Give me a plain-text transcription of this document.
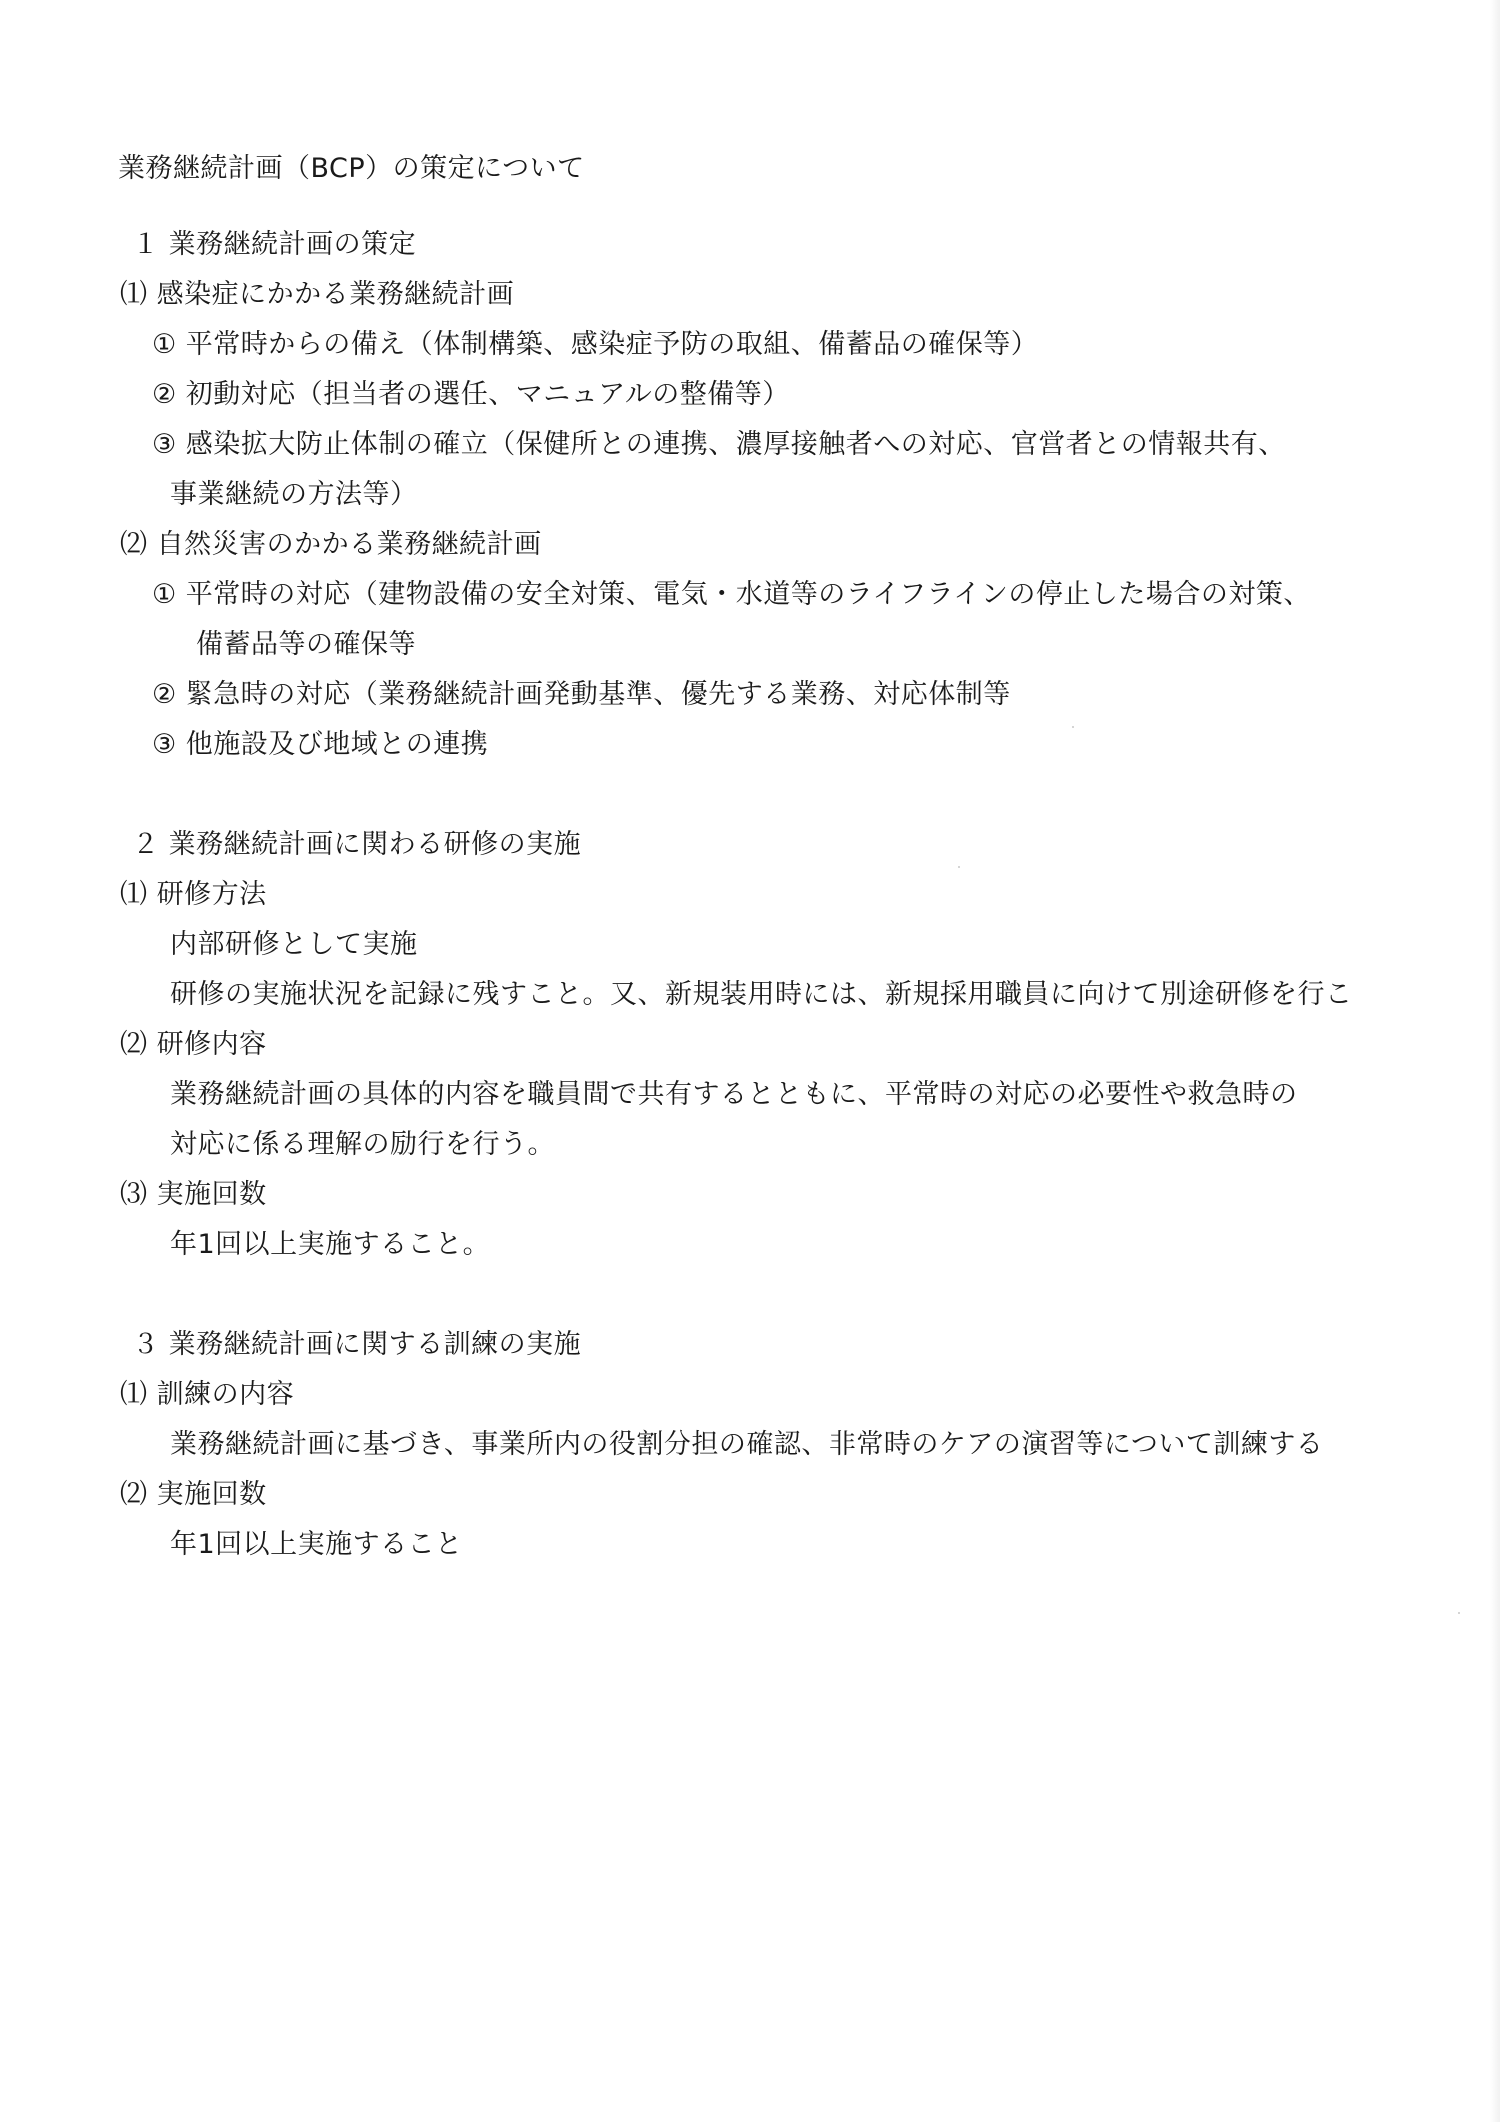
業務継続計画（BCP）の策定について
１ 業務継続計画の策定
⑴ 感染症にかかる業務継続計画
① 平常時からの備え（体制構築、感染症予防の取組、備蓄品の確保等）
② 初動対応（担当者の選任、マニュアルの整備等）
③ 感染拡大防止体制の確立（保健所との連携、濃厚接触者への対応、官営者との情報共有、
事業継続の方法等）
⑵ 自然災害のかかる業務継続計画
① 平常時の対応（建物設備の安全対策、電気・水道等のライフラインの停止した場合の対策、
備蓄品等の確保等
② 緊急時の対応（業務継続計画発動基準、優先する業務、対応体制等
③ 他施設及び地域との連携
２ 業務継続計画に関わる研修の実施
⑴ 研修方法
内部研修として実施
研修の実施状況を記録に残すこと。又、新規装用時には、新規採用職員に向けて別途研修を行こ
⑵ 研修内容
業務継続計画の具体的内容を職員間で共有するとともに、平常時の対応の必要性や救急時の
対応に係る理解の励行を行う。
⑶ 実施回数
年1回以上実施すること。
３ 業務継続計画に関する訓練の実施
⑴ 訓練の内容
業務継続計画に基づき、事業所内の役割分担の確認、非常時のケアの演習等について訓練する
⑵ 実施回数
年1回以上実施すること
